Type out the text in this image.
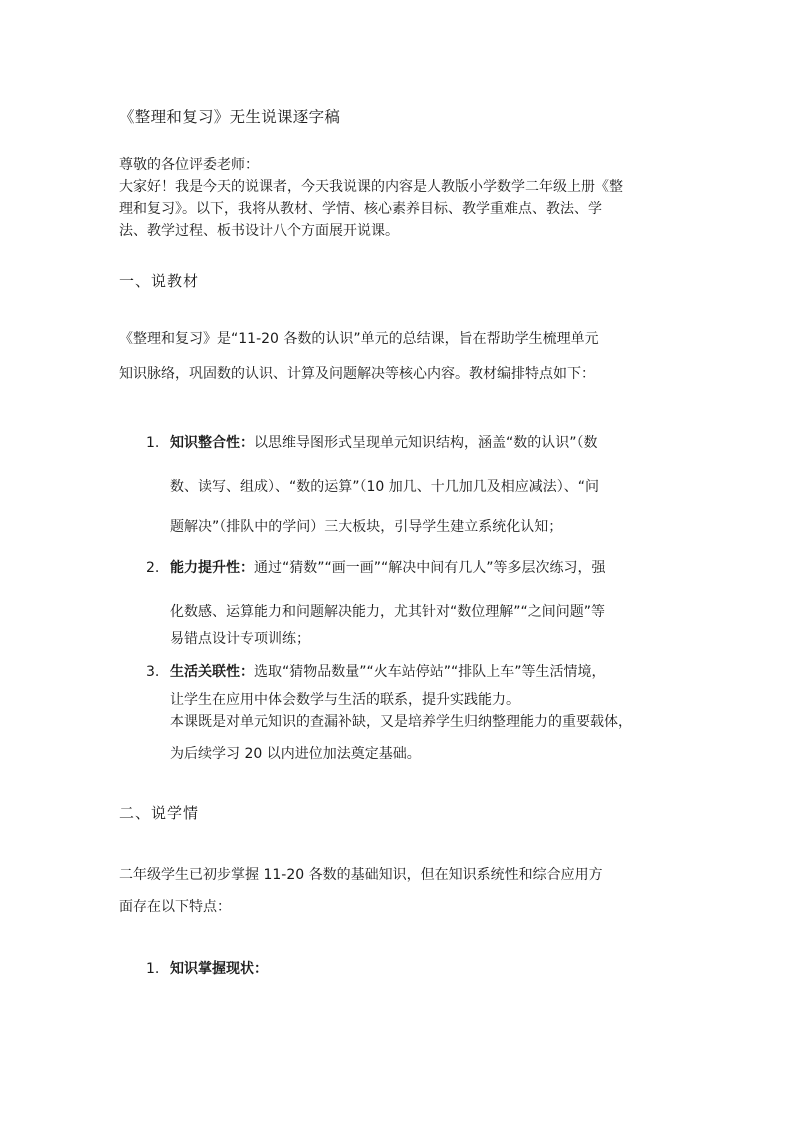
《整理和复习》无生说课逐字稿
尊敬的各位评委老师：
大家好！我是今天的说课者，今天我说课的内容是人教版小学数学二年级上册《整
理和复习》。以下，我将从教材、学情、核心素养目标、教学重难点、教法、学
法、教学过程、板书设计八个方面展开说课。
一、说教材
《整理和复习》是“11-20 各数的认识”单元的总结课，旨在帮助学生梳理单元
知识脉络，巩固数的认识、计算及问题解决等核心内容。教材编排特点如下：
1. 知识整合性：以思维导图形式呈现单元知识结构，涵盖“数的认识”（数
数、读写、组成）、“数的运算”（10 加几、十几加几及相应减法）、“问
题解决”（排队中的学问）三大板块，引导学生建立系统化认知；
2. 能力提升性：通过“猜数”“画一画”“解决中间有几人”等多层次练习，强
化数感、运算能力和问题解决能力，尤其针对“数位理解”“之间问题”等
易错点设计专项训练；
3. 生活关联性：选取“猜物品数量”“火车站停站”“排队上车”等生活情境，
让学生在应用中体会数学与生活的联系，提升实践能力。
本课既是对单元知识的查漏补缺，又是培养学生归纳整理能力的重要载体，
为后续学习 20 以内进位加法奠定基础。
二、说学情
二年级学生已初步掌握 11-20 各数的基础知识，但在知识系统性和综合应用方
面存在以下特点：
1. 知识掌握现状：
